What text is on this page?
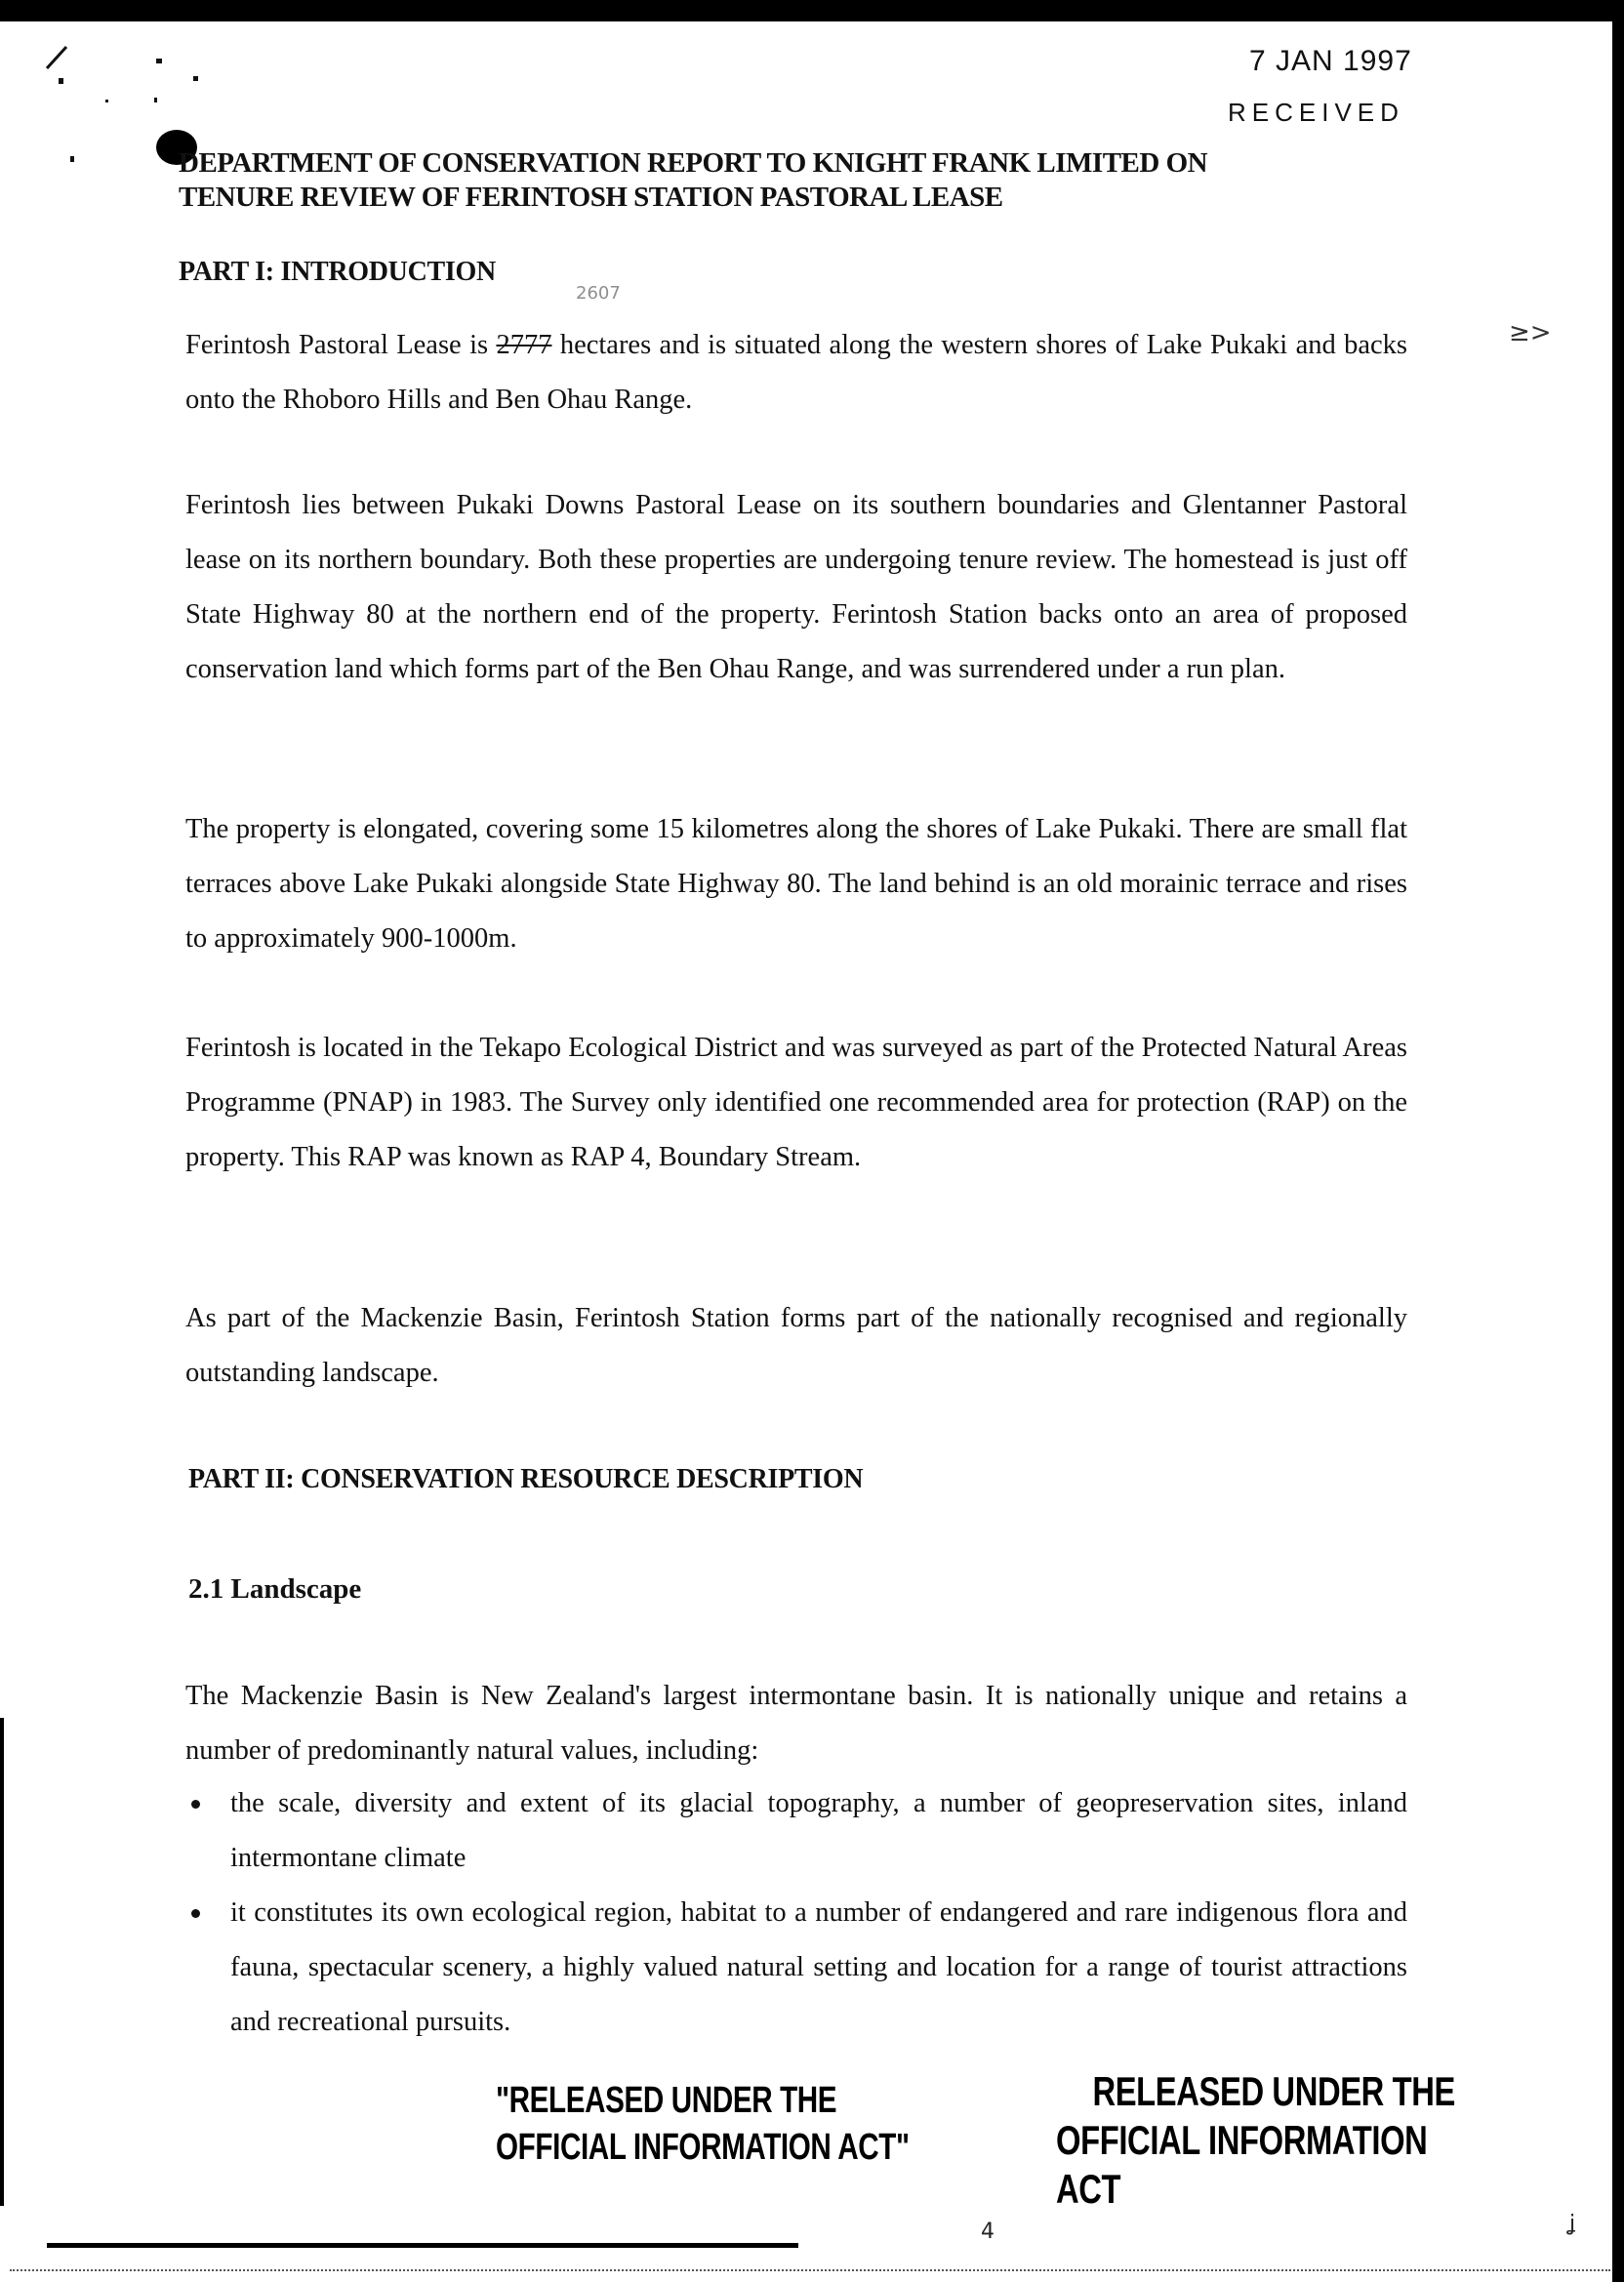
7 JAN 1997
RECEIVED
DEPARTMENT OF CONSERVATION REPORT TO KNIGHT FRANK LIMITED ON
TENURE REVIEW OF FERINTOSH STATION PASTORAL LEASE
PART I: INTRODUCTION
2607
≥>
Ferintosh Pastoral Lease is 2777 hectares and is situated along the western shores of Lake Pukaki and backs onto the Rhoboro Hills and Ben Ohau Range.
Ferintosh lies between Pukaki Downs Pastoral Lease on its southern boundaries and Glentanner Pastoral lease on its northern boundary. Both these properties are undergoing tenure review. The homestead is just off State Highway 80 at the northern end of the property. Ferintosh Station backs onto an area of proposed conservation land which forms part of the Ben Ohau Range, and was surrendered under a run plan.
The property is elongated, covering some 15 kilometres along the shores of Lake Pukaki. There are small flat terraces above Lake Pukaki alongside State Highway 80. The land behind is an old morainic terrace and rises to approximately 900-1000m.
Ferintosh is located in the Tekapo Ecological District and was surveyed as part of the Protected Natural Areas Programme (PNAP) in 1983. The Survey only identified one recommended area for protection (RAP) on the property. This RAP was known as RAP 4, Boundary Stream.
As part of the Mackenzie Basin, Ferintosh Station forms part of the nationally recognised and regionally outstanding landscape.
PART II: CONSERVATION RESOURCE DESCRIPTION
2.1 Landscape
The Mackenzie Basin is New Zealand's largest intermontane basin. It is nationally unique and retains a number of predominantly natural values, including:
the scale, diversity and extent of its glacial topography, a number of geopreservation sites, inland intermontane climate
it constitutes its own ecological region, habitat to a number of endangered and rare indigenous flora and fauna, spectacular scenery, a highly valued natural setting and location for a range of tourist attractions and recreational pursuits.
"RELEASED UNDER THE
OFFICIAL INFORMATION ACT"
RELEASED UNDER THE
OFFICIAL INFORMATION ACT
4	ʝ
